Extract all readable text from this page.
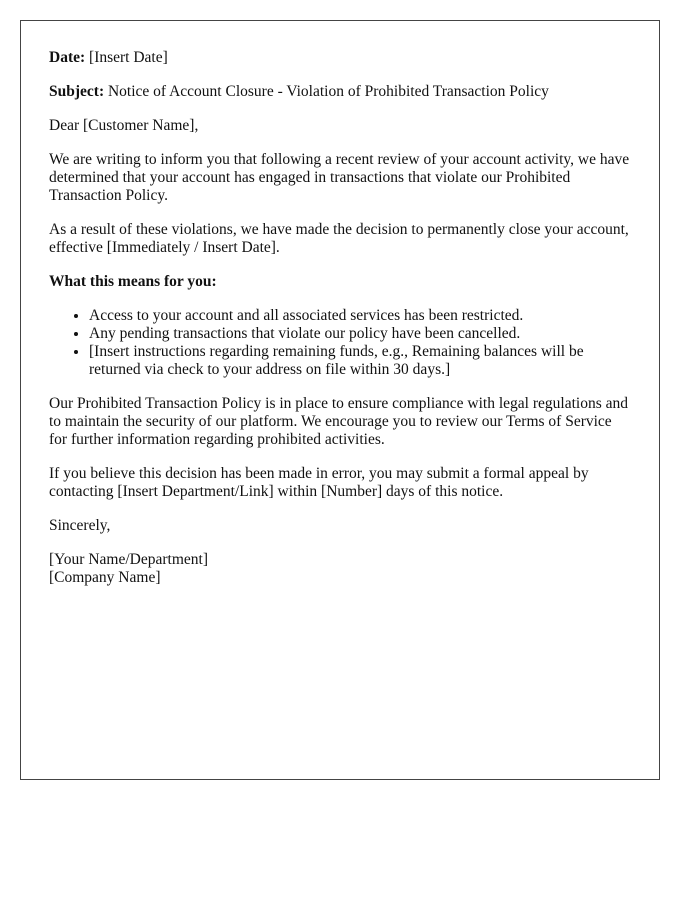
Date: [Insert Date]

Subject: Notice of Account Closure - Violation of Prohibited Transaction Policy

Dear [Customer Name],

We are writing to inform you that following a recent review of your account activity, we have determined that your account has engaged in transactions that violate our Prohibited Transaction Policy.

As a result of these violations, we have made the decision to permanently close your account, effective [Immediately / Insert Date].

What this means for you:

• Access to your account and all associated services has been restricted.
• Any pending transactions that violate our policy have been cancelled.
• [Insert instructions regarding remaining funds, e.g., Remaining balances will be returned via check to your address on file within 30 days.]

Our Prohibited Transaction Policy is in place to ensure compliance with legal regulations and to maintain the security of our platform. We encourage you to review our Terms of Service for further information regarding prohibited activities.

If you believe this decision has been made in error, you may submit a formal appeal by contacting [Insert Department/Link] within [Number] days of this notice.

Sincerely,

[Your Name/Department]
[Company Name]
